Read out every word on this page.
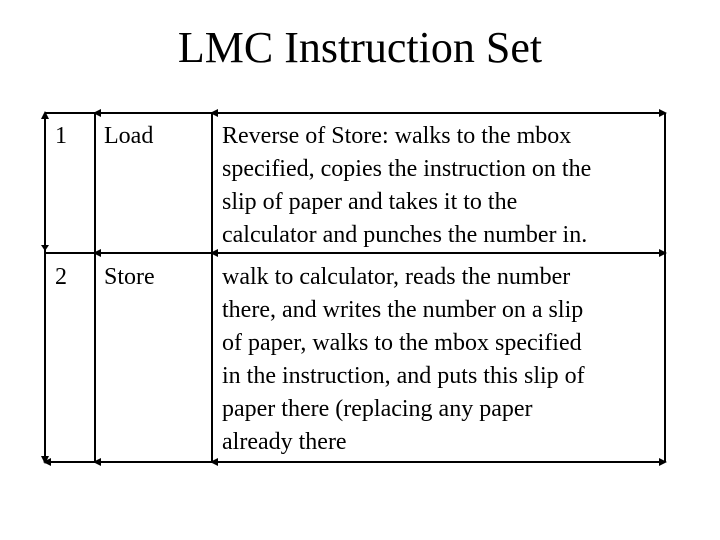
LMC Instruction Set
1 Load	Reverse of Store: walks to the mbox
specified, copies the instruction on the
slip of paper and takes it to the
calculator and punches the number in.
2 Store	walk to calculator, reads the number
there, and writes the number on a slip
of paper, walks to the mbox specified
in the instruction, and puts this slip of
paper there (replacing any paper
already there
